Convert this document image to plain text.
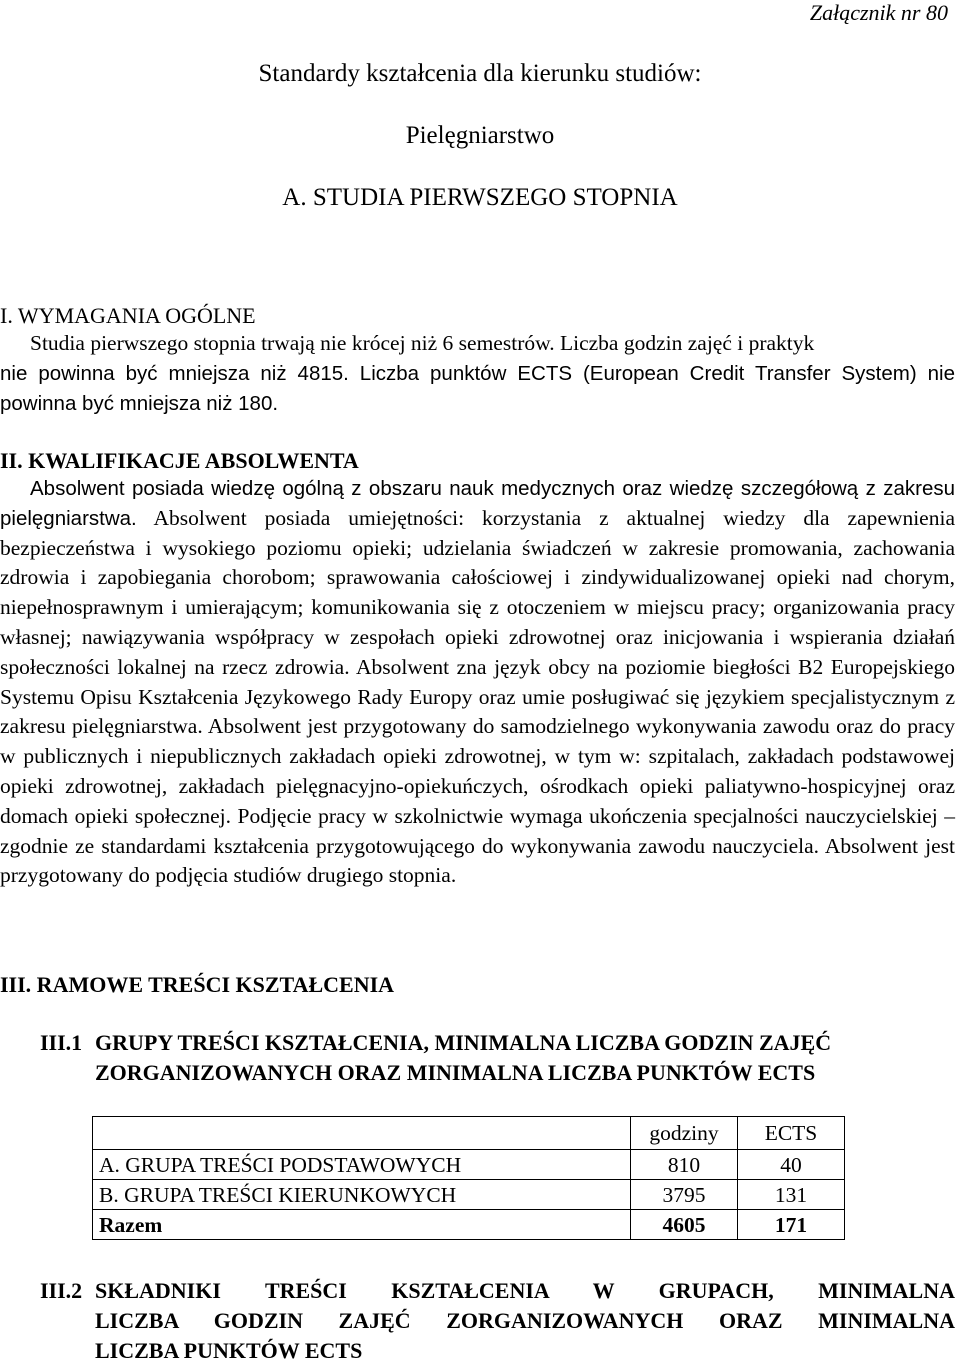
Załącznik nr 80
Standardy kształcenia dla kierunku studiów:
Pielęgniarstwo
A. STUDIA PIERWSZEGO STOPNIA
I. WYMAGANIA OGÓLNE
Studia pierwszego stopnia trwają nie krócej niż 6 semestrów. Liczba godzin zajęć i praktyk
nie powinna być mniejsza niż 4815. Liczba punktów ECTS (European Credit Transfer System) nie powinna być mniejsza niż 180.
II. KWALIFIKACJE ABSOLWENTA
Absolwent posiada wiedzę ogólną z obszaru nauk medycznych oraz wiedzę szczegółową z zakresu pielęgniarstwa. Absolwent posiada umiejętności: korzystania z aktualnej wiedzy dla zapewnienia bezpieczeństwa i wysokiego poziomu opieki; udzielania świadczeń w zakresie promowania, zachowania zdrowia i zapobiegania chorobom; sprawowania całościowej i zindywidualizowanej opieki nad chorym, niepełnosprawnym i umierającym; komunikowania się z otoczeniem w miejscu pracy; organizowania pracy własnej; nawiązywania współpracy w zespołach opieki zdrowotnej oraz inicjowania i wspierania działań społeczności lokalnej na rzecz zdrowia. Absolwent zna język obcy na poziomie biegłości B2 Europejskiego Systemu Opisu Kształcenia Językowego Rady Europy oraz umie posługiwać się językiem specjalistycznym z zakresu pielęgniarstwa. Absolwent jest przygotowany do samodzielnego wykonywania zawodu oraz do pracy w publicznych i niepublicznych zakładach opieki zdrowotnej, w tym w: szpitalach, zakładach podstawowej opieki zdrowotnej, zakładach pielęgnacyjno-opiekuńczych, ośrodkach opieki paliatywno-hospicyjnej oraz domach opieki społecznej. Podjęcie pracy w szkolnictwie wymaga ukończenia specjalności nauczycielskiej – zgodnie ze standardami kształcenia przygotowującego do wykonywania zawodu nauczyciela. Absolwent jest przygotowany do podjęcia studiów drugiego stopnia.
III. RAMOWE TREŚCI KSZTAŁCENIA
III.1 GRUPY TREŚCI KSZTAŁCENIA, MINIMALNA LICZBA GODZIN ZAJĘĆ
ZORGANIZOWANYCH ORAZ MINIMALNA LICZBA PUNKTÓW ECTS
	godziny	ECTS
A. GRUPA TREŚCI PODSTAWOWYCH	810	40
B. GRUPA TREŚCI KIERUNKOWYCH	3795	131
Razem	4605	171
III.2 SKŁADNIKI TREŚCI KSZTAŁCENIA W GRUPACH, MINIMALNA
LICZBA GODZIN ZAJĘĆ ZORGANIZOWANYCH ORAZ MINIMALNA
LICZBA PUNKTÓW ECTS
